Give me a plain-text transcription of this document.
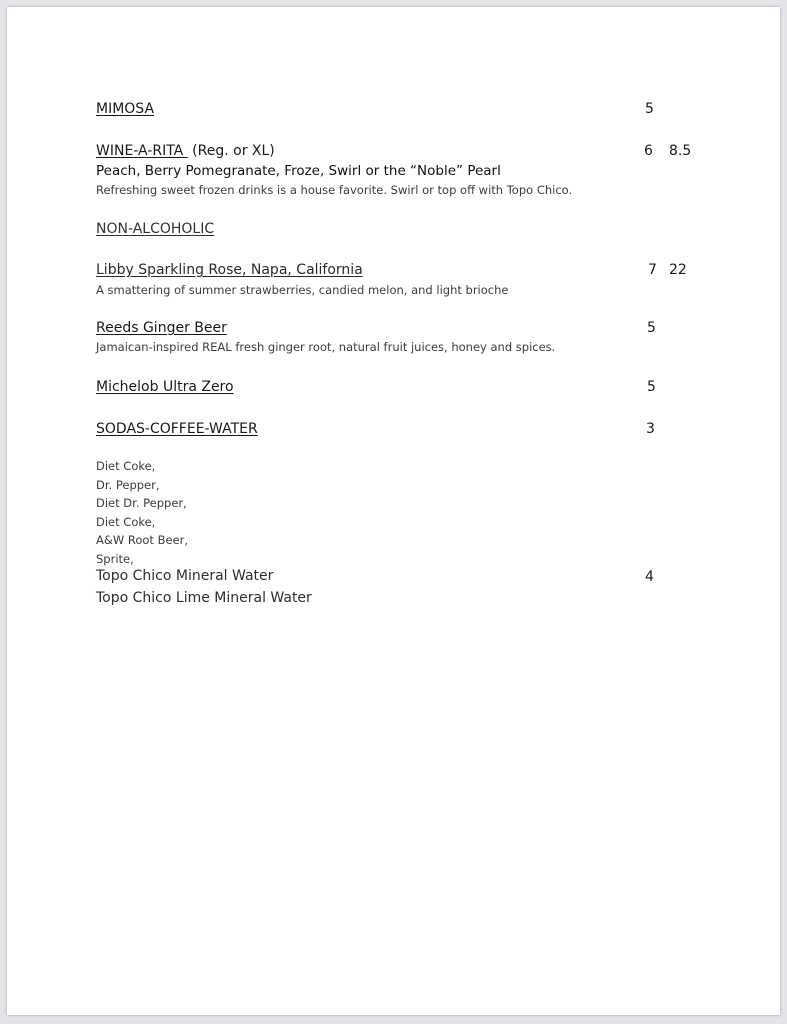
MIMOSA	5
WINE-A-RITA  (Reg. or XL)	6 8.5
Peach, Berry Pomegranate, Froze, Swirl or the “Noble” Pearl
Refreshing sweet frozen drinks is a house favorite. Swirl or top off with Topo Chico.
NON-ALCOHOLIC
Libby Sparkling Rose, Napa, California	7 22
A smattering of summer strawberries, candied melon, and light brioche
Reeds Ginger Beer	5
Jamaican-inspired REAL fresh ginger root, natural fruit juices, honey and spices.
Michelob Ultra Zero	5
SODAS-COFFEE-WATER	3
Diet Coke,
Dr. Pepper,
Diet Dr. Pepper,
Diet Coke,
A&W Root Beer,
Sprite,
Topo Chico Mineral Water	4
Topo Chico Lime Mineral Water
